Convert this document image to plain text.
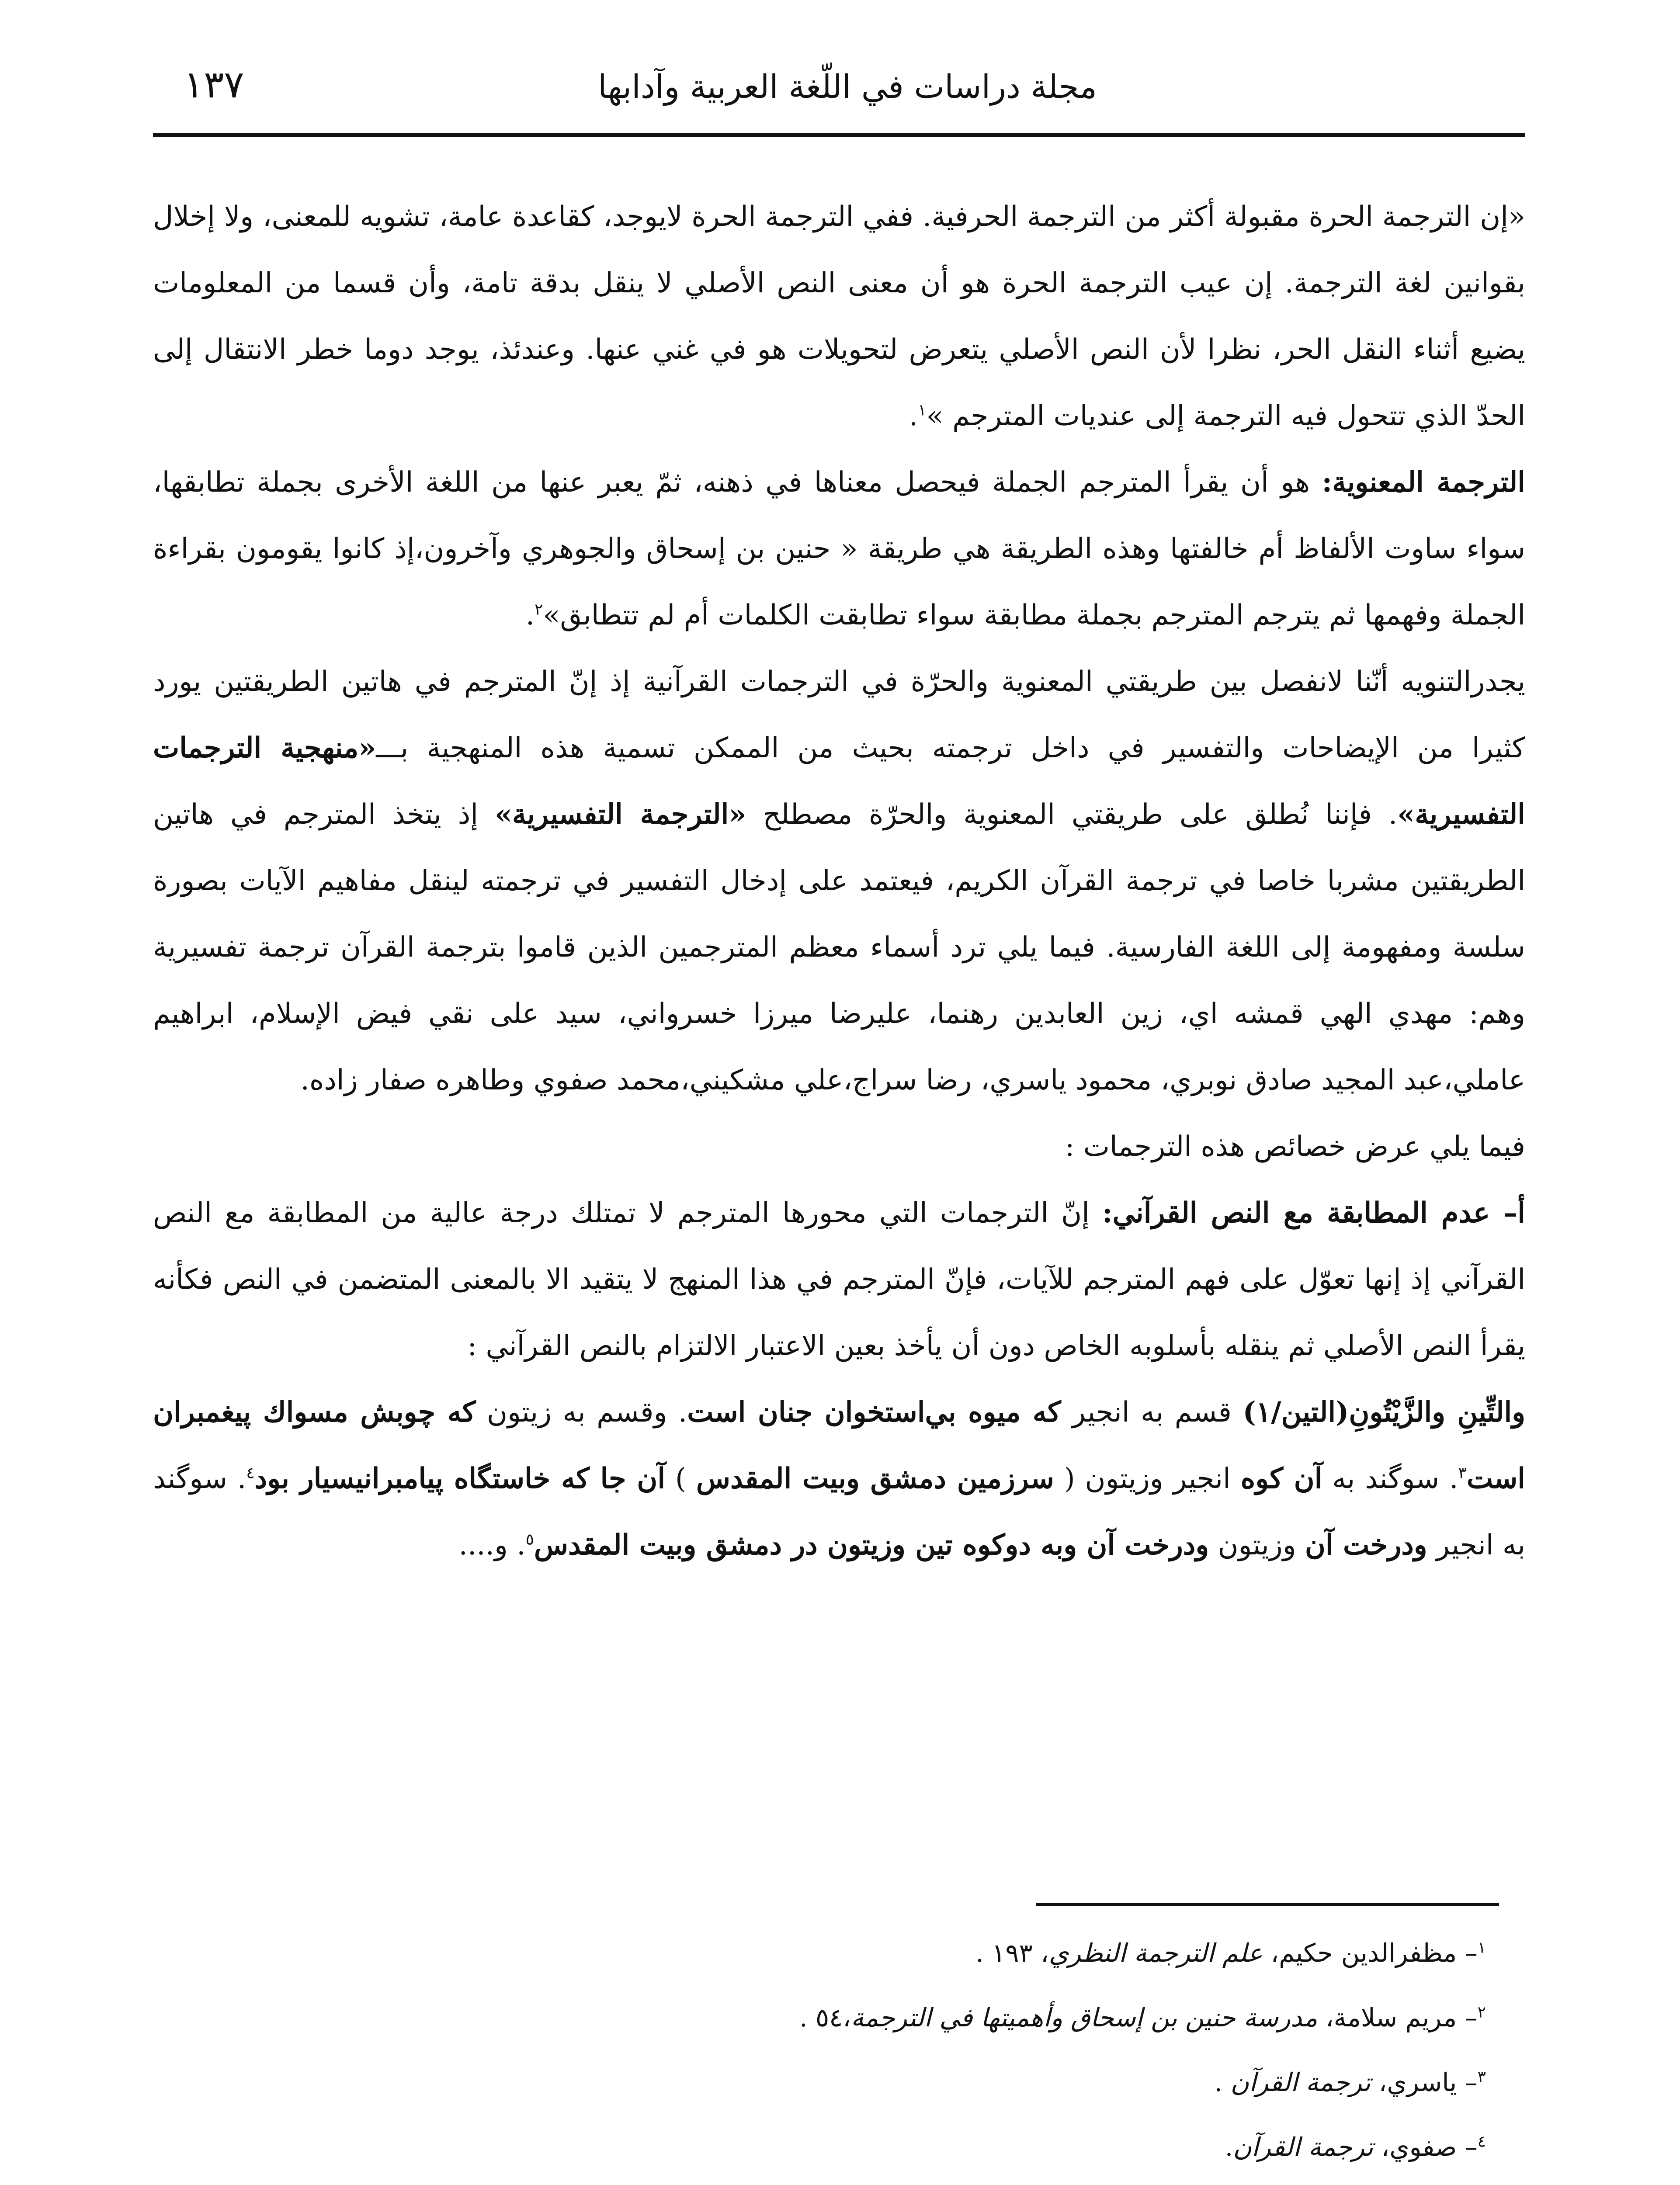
مجلة دراسات في اللّغة العربية وآدابها
١٣٧

«إن الترجمة الحرة مقبولة أكثر من الترجمة الحرفية. ففي الترجمة الحرة لايوجد، كقاعدة عامة، تشويه للمعنى، ولا إخلال بقوانين لغة الترجمة. إن عيب الترجمة الحرة هو أن معنى النص الأصلي لا ينقل بدقة تامة، وأن قسما من المعلومات يضيع أثناء النقل الحر، نظرا لأن النص الأصلي يتعرض لتحويلات هو في غني عنها. وعندئذ، يوجد دوما خطر الانتقال إلى الحدّ الذي تتحول فيه الترجمة إلى عنديات المترجم »$^١$.

الترجمة المعنوية: هو أن يقرأ المترجم الجملة فيحصل معناها في ذهنه، ثمّ يعبر عنها من اللغة الأخرى بجملة تطابقها، سواء ساوت الألفاظ أم خالفتها وهذه الطريقة هي طريقة « حنين بن إسحاق والجوهري وآخرون،إذ كانوا يقومون بقراءة الجملة وفهمها ثم يترجم المترجم بجملة مطابقة سواء تطابقت الكلمات أم لم تتطابق»$^٢$.

يجدرالتنويه أنّنا لانفصل بين طريقتي المعنوية والحرّة في الترجمات القرآنية إذ إنّ المترجم في هاتين الطريقتين يورد كثيرا من الإيضاحات والتفسير في داخل ترجمته بحيث من الممكن تسمية هذه المنهجية بـــ«منهجية الترجمات التفسيرية». فإننا نُطلق على طريقتي المعنوية والحرّة مصطلح «الترجمة التفسيرية» إذ يتخذ المترجم في هاتين الطريقتين مشربا خاصا في ترجمة القرآن الكريم، فيعتمد على إدخال التفسير في ترجمته لينقل مفاهيم الآيات بصورة سلسة ومفهومة إلى اللغة الفارسية. فيما يلي ترد أسماء معظم المترجمين الذين قاموا بترجمة القرآن ترجمة تفسيرية وهم: مهدي الهي قمشه اي، زين العابدين رهنما، عليرضا ميرزا خسرواني، سيد على نقي فيض الإسلام، ابراهيم عاملي،عبد المجيد صادق نوبري، محمود ياسري، رضا سراج،علي مشكيني،محمد صفوي وطاهره صفار زاده.

فيما يلي عرض خصائص هذه الترجمات :

أ– عدم المطابقة مع النص القرآني: إنّ الترجمات التي محورها المترجم لا تمتلك درجة عالية من المطابقة مع النص القرآني إذ إنها تعوّل على فهم المترجم للآيات، فإنّ المترجم في هذا المنهج لا يتقيد الا بالمعنى المتضمن في النص فكأنه يقرأ النص الأصلي ثم ينقله بأسلوبه الخاص دون أن يأخذ بعين الاعتبار الالتزام بالنص القرآني :

والتِّينِ والزَّيْتُونِ(التين/١) قسم به انجير كه ميوه بي‌استخوان جنان است. وقسم به زيتون كه چوبش مسواك پيغمبران است$^٣$. سوگند به آن كوه انجير وزيتون ( سرزمين دمشق وبيت المقدس ) آن جا كه خاستگاه پيامبرانيسيار بود$^٤$. سوگند به انجير ودرخت آن وزيتون ودرخت آن وبه دوكوه تين وزيتون در دمشق وبيت المقدس$^٥$. و....

$^١$– مظفرالدين حكيم، علم الترجمة النظري، ١٩٣ .

$^٢$– مريم سلامة، مدرسة حنين بن إسحاق وأهميتها في الترجمة،٥٤ .

$^٣$– ياسري، ترجمة القرآن .

$^٤$– صفوي، ترجمة القرآن.
